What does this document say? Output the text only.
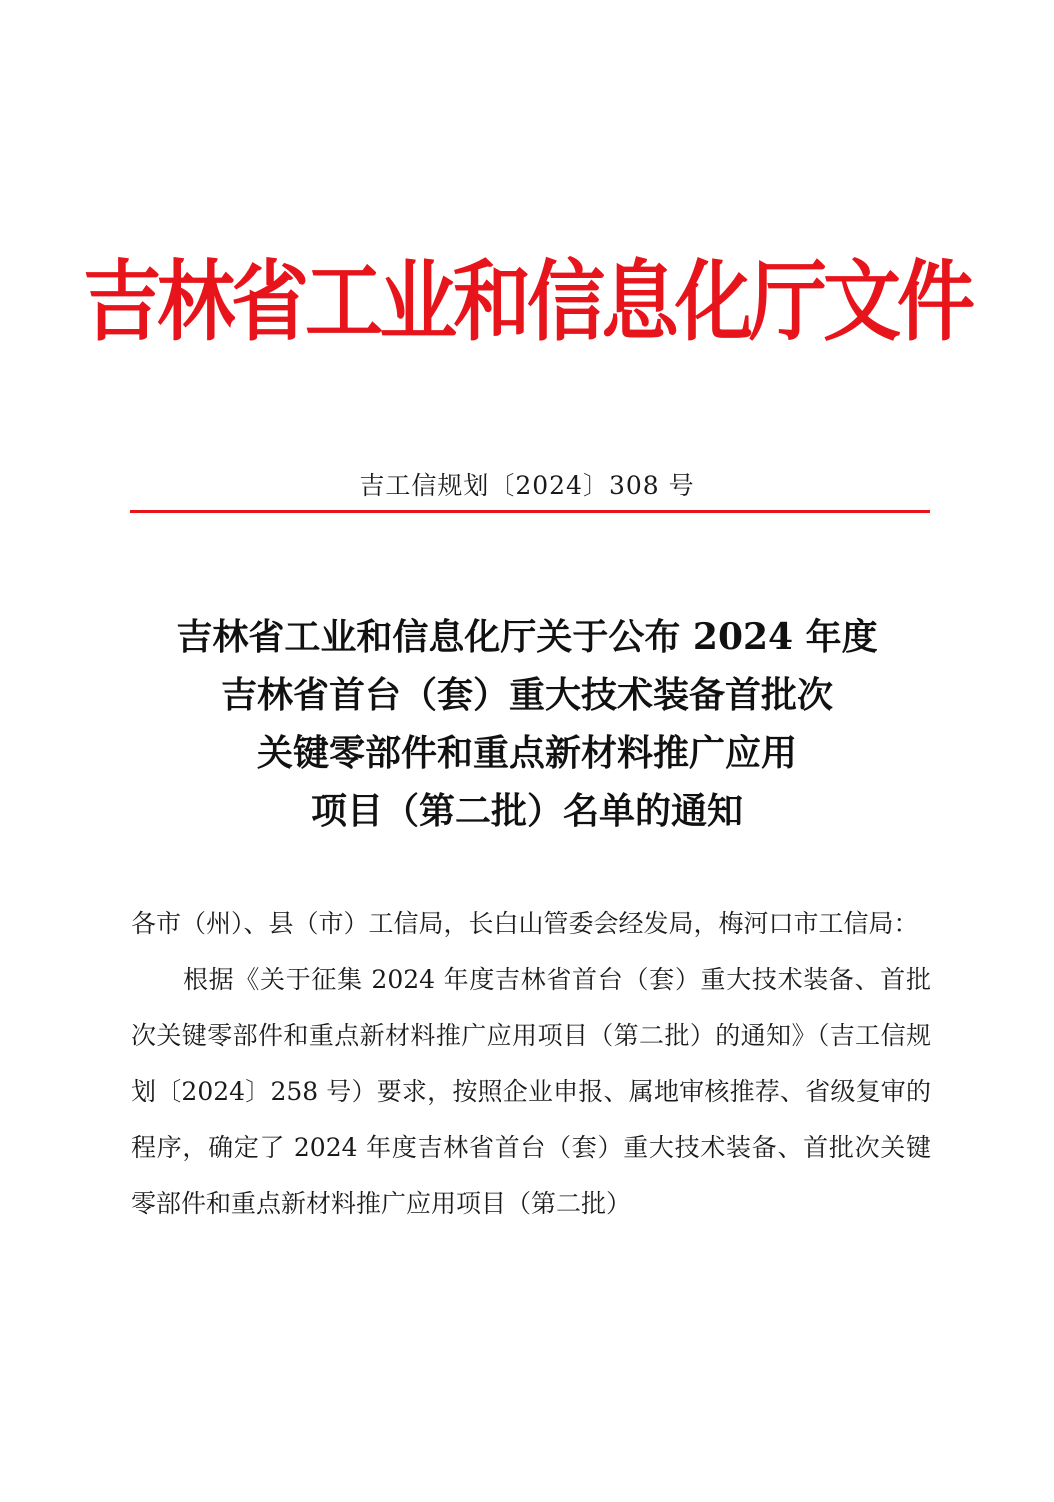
吉林省工业和信息化厅文件
吉工信规划〔2024〕308 号
吉林省工业和信息化厅关于公布 2024 年度
吉林省首台（套）重大技术装备首批次
关键零部件和重点新材料推广应用
项目（第二批）名单的通知

各市（州）、县（市）工信局，长白山管委会经发局，梅河口市工信局：

根据《关于征集 2024 年度吉林省首台（套）重大技术装备、首批次关键零部件和重点新材料推广应用项目（第二批）的通知》（吉工信规划〔2024〕258 号）要求，按照企业申报、属地审核推荐、省级复审的程序，确定了 2024 年度吉林省首台（套）重大技术装备、首批次关键零部件和重点新材料推广应用项目（第二批）
